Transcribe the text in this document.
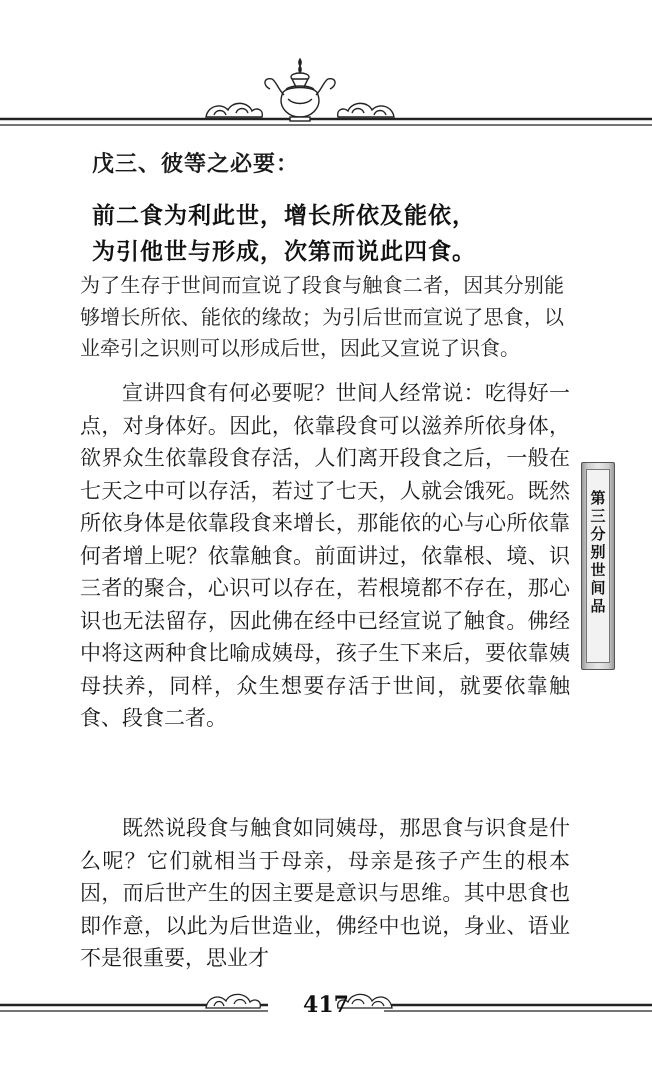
戊三、彼等之必要：
前二食为利此世，增长所依及能依，
为引他世与形成，次第而说此四食。
为了生存于世间而宣说了段食与触食二者，因其分别能够增长所依、能依的缘故；为引后世而宣说了思食，以业牵引之识则可以形成后世，因此又宣说了识食。
宣讲四食有何必要呢？世间人经常说：吃得好一点，对身体好。因此，依靠段食可以滋养所依身体，欲界众生依靠段食存活，人们离开段食之后，一般在七天之中可以存活，若过了七天，人就会饿死。既然所依身体是依靠段食来增长，那能依的心与心所依靠何者增上呢？依靠触食。前面讲过，依靠根、境、识三者的聚合，心识可以存在，若根境都不存在，那心识也无法留存，因此佛在经中已经宣说了触食。佛经中将这两种食比喻成姨母，孩子生下来后，要依靠姨母扶养，同样，众生想要存活于世间，就要依靠触食、段食二者。
既然说段食与触食如同姨母，那思食与识食是什么呢？它们就相当于母亲，母亲是孩子产生的根本因，而后世产生的因主要是意识与思维。其中思食也即作意，以此为后世造业，佛经中也说，身业、语业不是很重要，思业才
第三分别世间品
417
